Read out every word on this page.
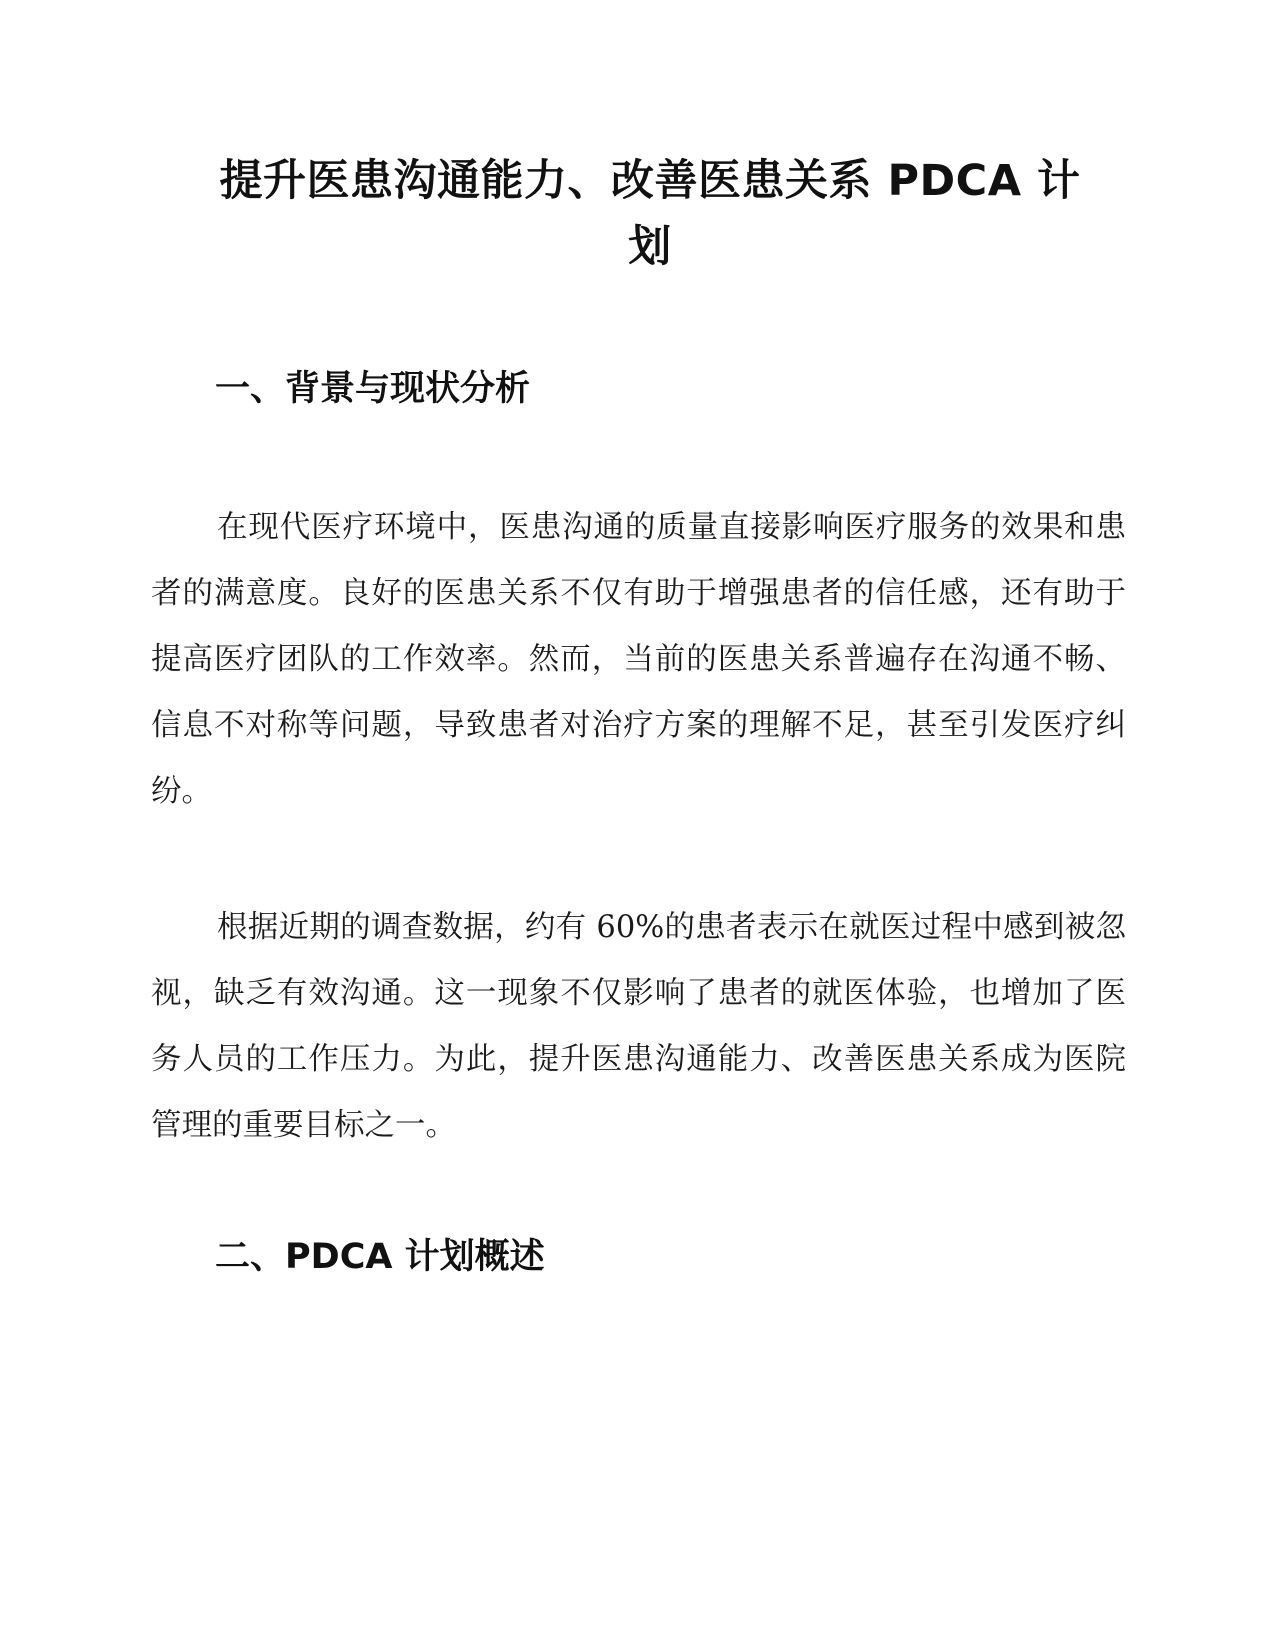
提升医患沟通能力、改善医患关系 PDCA 计划
一、背景与现状分析

在现代医疗环境中，医患沟通的质量直接影响医疗服务的效果和患者的满意度。良好的医患关系不仅有助于增强患者的信任感，还有助于提高医疗团队的工作效率。然而，当前的医患关系普遍存在沟通不畅、信息不对称等问题，导致患者对治疗方案的理解不足，甚至引发医疗纠纷。

根据近期的调查数据，约有 60%的患者表示在就医过程中感到被忽视，缺乏有效沟通。这一现象不仅影响了患者的就医体验，也增加了医务人员的工作压力。为此，提升医患沟通能力、改善医患关系成为医院管理的重要目标之一。

二、PDCA 计划概述
